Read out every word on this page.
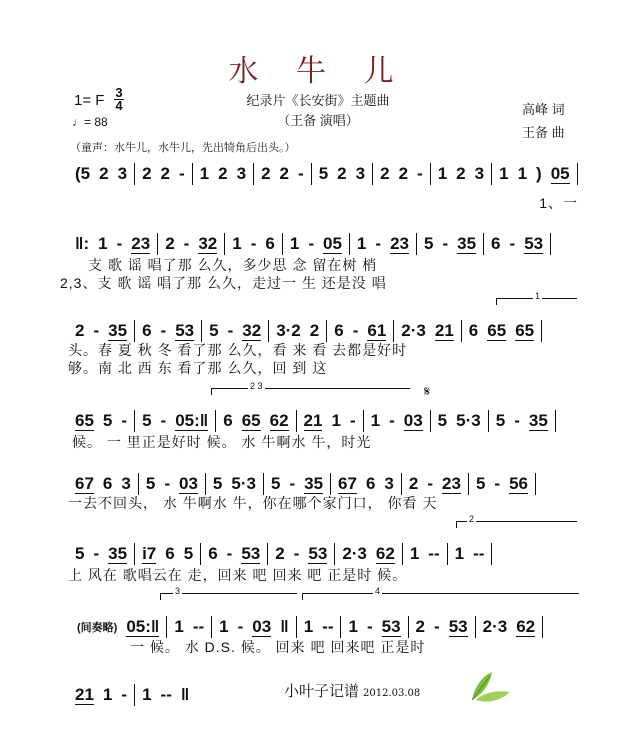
水 牛 儿
纪录片《长安街》主题曲
（王备 演唱）
1= F 3
4
♩= 88
高峰 词
王备 曲
（童声：水牛儿，水牛儿，先出犄角后出头。）
(5 2 3 2 2 - 1 2 3 2 2 - 5 2 3 2 2 - 1 2 3 1 1 ) 05
‖: 1 - 23 2 - 32 1 - 6 1 - 05 1 - 23 5 - 35 6 - 53
2 - 35 6 - 53 5 - 32 3·2 2 6 - 61 2·3 21 6 65 65
65 5 - 5 - 05:‖ 6 65 62 21 1 - 1 - 03 5 5·3 5 - 35
67 6 3 5 - 03 5 5·3 5 - 35 67 6 3 2 - 23 5 - 56
5 - 35 i7 6 5 6 - 53 2 - 53 2·3 62 1 -- 1 --
(间奏略) 05:‖ 1 -- 1 - 03 ‖ 1 -- 1 - 53 2 - 53 2·3 62
21 1 - 1 -- ‖
1、一
支 歌 谣 唱了那 么久，多少思 念 留在树 梢
2,3、支 歌 谣 唱了那 么久，走过一 生 还是没 唱
头。春 夏 秋 冬 看了那 么久，看 来 看 去都是好时
够。南 北 西 东 看了那 么久，回 到 这
候。 一 里正是好时 候。 水 牛啊水 牛，时光
一去不回头， 水 牛啊水 牛，你在哪个家门口， 你看 天
上 风在 歌唱云在 走，回来 吧 回来 吧 正是时 候。
一 候。 水 D.S. 候。 回来 吧 回来吧 正是时
1
2 3
2
3	4
𝄋
小叶子记谱 2012.03.08
